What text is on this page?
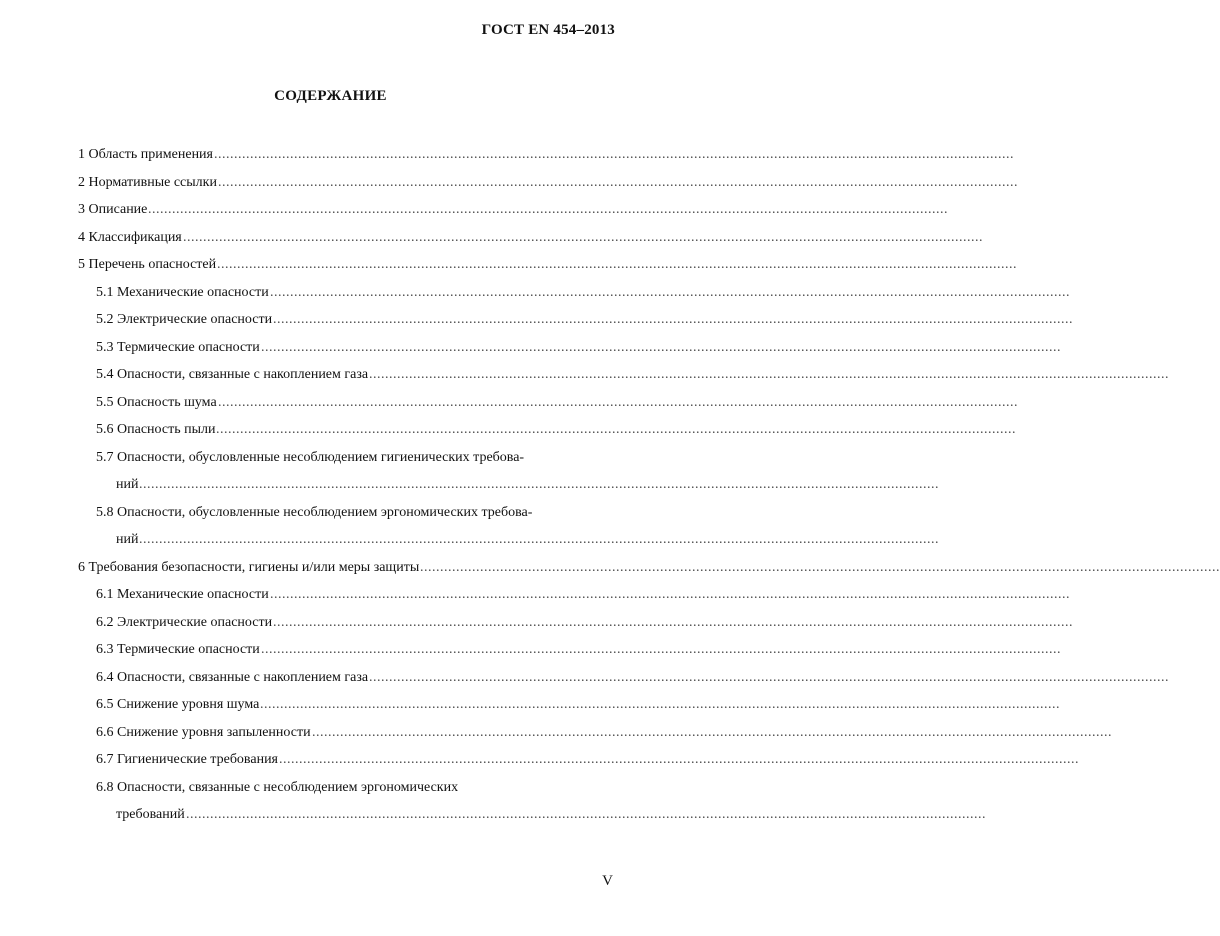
ГОСТ EN 454–2013
СОДЕРЖАНИЕ
1 Область применения ........................................................................................................................................................................................................
2 Нормативные ссылки ........................................................................................................................................................................................................
3 Описание ........................................................................................................................................................................................................
4 Классификация ........................................................................................................................................................................................................
5 Перечень опасностей ........................................................................................................................................................................................................
5.1 Механические опасности ........................................................................................................................................................................................................
5.2 Электрические опасности ........................................................................................................................................................................................................
5.3 Термические опасности ........................................................................................................................................................................................................
5.4 Опасности, связанные с накоплением газа ........................................................................................................................................................................................................
5.5 Опасность шума ........................................................................................................................................................................................................
5.6 Опасность пыли ........................................................................................................................................................................................................
5.7 Опасности, обусловленные несоблюдением гигиенических требова-
ний ........................................................................................................................................................................................................
5.8 Опасности, обусловленные несоблюдением эргономических требова-
ний ........................................................................................................................................................................................................
6 Требования безопасности, гигиены и/или меры защиты ........................................................................................................................................................................................................
6.1 Механические опасности ........................................................................................................................................................................................................
6.2 Электрические опасности ........................................................................................................................................................................................................
6.3 Термические опасности ........................................................................................................................................................................................................
6.4 Опасности, связанные с накоплением газа ........................................................................................................................................................................................................
6.5 Снижение уровня шума ........................................................................................................................................................................................................
6.6 Снижение уровня запыленности ........................................................................................................................................................................................................
6.7 Гигиенические требования ........................................................................................................................................................................................................
6.8 Опасности, связанные с несоблюдением эргономических
требований ........................................................................................................................................................................................................
V
